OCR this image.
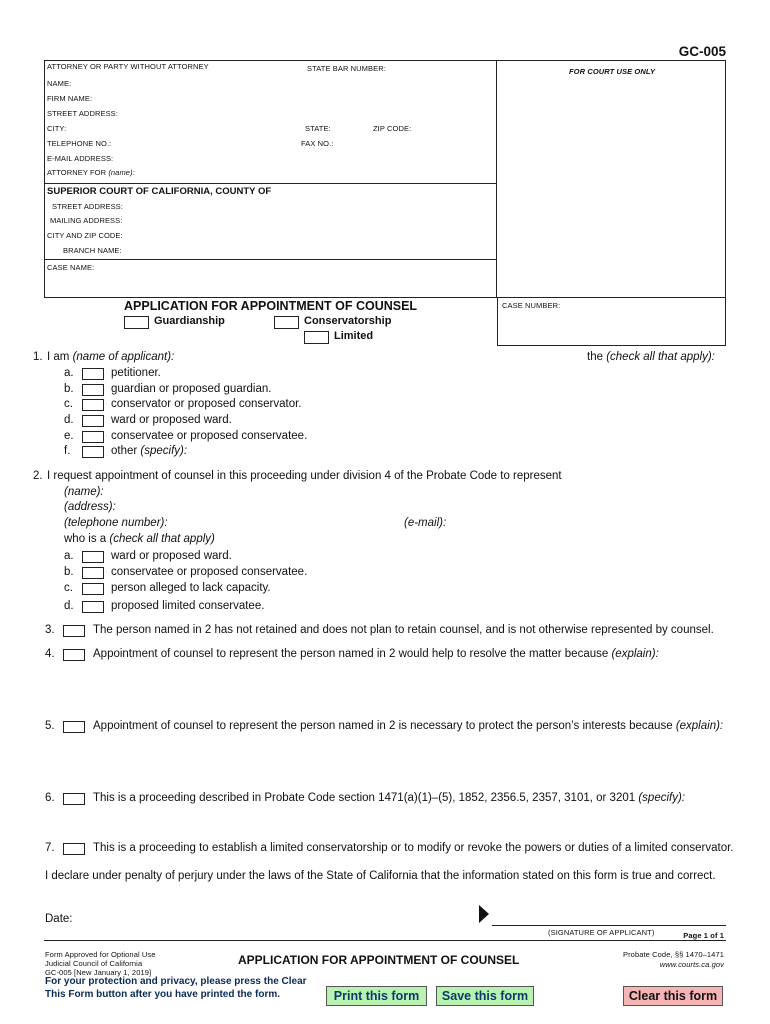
GC-005
FOR COURT USE ONLY
ATTORNEY OR PARTY WITHOUT ATTORNEY	STATE BAR NUMBER:
NAME:
FIRM NAME:
STREET ADDRESS:
CITY:	STATE:	ZIP CODE:
TELEPHONE NO.:	FAX NO.:
E-MAIL ADDRESS:
ATTORNEY FOR (name):
SUPERIOR COURT OF CALIFORNIA, COUNTY OF
STREET ADDRESS:
MAILING ADDRESS:
CITY AND ZIP CODE:
BRANCH NAME:
CASE NAME:
CASE NUMBER:
APPLICATION FOR APPOINTMENT OF COUNSEL
Guardianship	Conservatorship
Limited
1. I am (name of applicant):	the (check all that apply):
a.	petitioner.
b.	guardian or proposed guardian.
c.	conservator or proposed conservator.
d.	ward or proposed ward.
e.	conservatee or proposed conservatee.
f.	other (specify):
2. I request appointment of counsel in this proceeding under division 4 of the Probate Code to represent
(name):
(address):
(telephone number):	(e-mail):
who is a (check all that apply)
a.	ward or proposed ward.
b.	conservatee or proposed conservatee.
c.	person alleged to lack capacity.
d.	proposed limited conservatee.
3.	The person named in 2 has not retained and does not plan to retain counsel, and is not otherwise represented by counsel.
4.	Appointment of counsel to represent the person named in 2 would help to resolve the matter because (explain):
5.	Appointment of counsel to represent the person named in 2 is necessary to protect the person’s interests because (explain):
6.	This is a proceeding described in Probate Code section 1471(a)(1)–(5), 1852, 2356.5, 2357, 3101, or 3201 (specify):
7.	This is a proceeding to establish a limited conservatorship or to modify or revoke the powers or duties of a limited conservator.
I declare under penalty of perjury under the laws of the State of California that the information stated on this form is true and correct.
Date:
(SIGNATURE OF APPLICANT)	Page 1 of 1
Form Approved for Optional Use
Judicial Council of California
GC-005 [New January 1, 2019]
APPLICATION FOR APPOINTMENT OF COUNSEL	Probate Code, §§ 1470–1471
www.courts.ca.gov
For your protection and privacy, please press the Clear
This Form button after you have printed the form.	Print this form	Save this form	Clear this form
